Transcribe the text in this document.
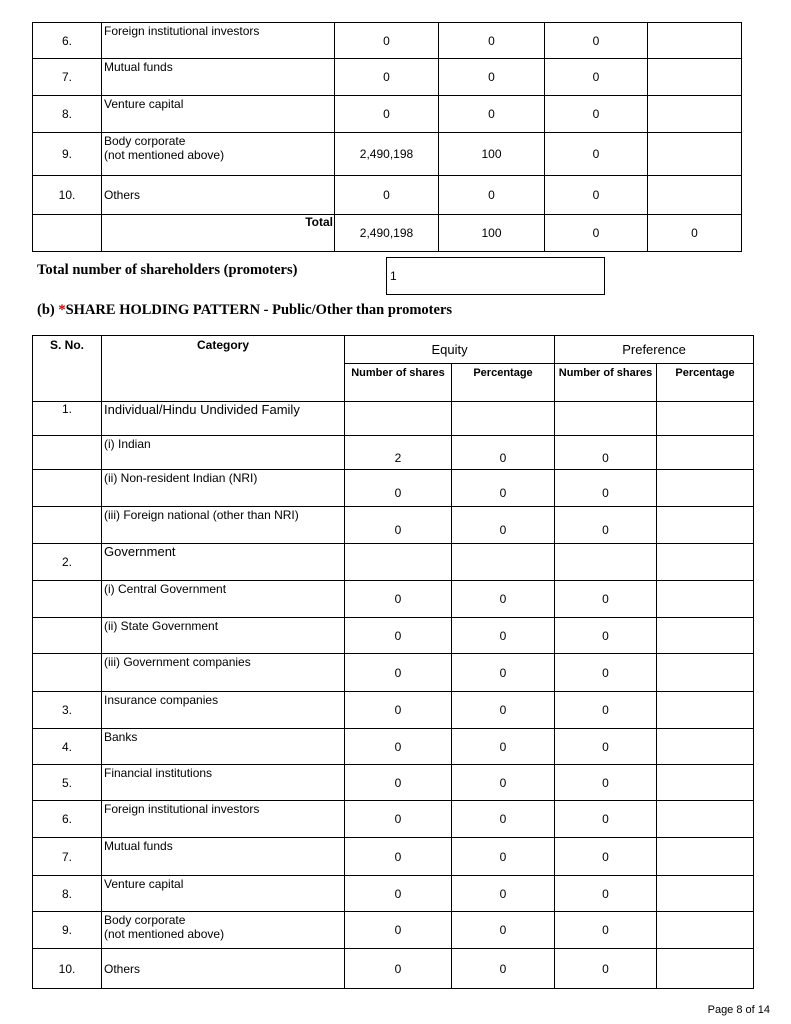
6.	Foreign institutional investors	0	0	0	
7.	Mutual funds	0	0	0	
8.	Venture capital	0	0	0	
9.	Body corporate
(not mentioned above)	2,490,198	100	0	
10.	Others	0	0	0	
	Total	2,490,198	100	0	0
Total number of shareholders (promoters)	1
(b) *SHARE HOLDING PATTERN - Public/Other than promoters
S. No.	Category	Equity		Preference	
		Number of shares	Percentage	Number of shares	Percentage
1.	Individual/Hindu Undivided Family				

	(i) Indian	2	0	0	

	(ii) Non-resident Indian (NRI)	0	0	0	

	(iii) Foreign national (other than NRI)	0	0	0	
2.	Government				

	(i) Central Government	0	0	0	

	(ii) State Government	0	0	0	

	(iii) Government companies	0	0	0	
3.	Insurance companies	0	0	0	
4.	Banks	0	0	0	
5.	Financial institutions	0	0	0	
6.	Foreign institutional investors	0	0	0	
7.	Mutual funds	0	0	0	
8.	Venture capital	0	0	0	
9.	Body corporate
(not mentioned above)	0	0	0	
10.	Others	0	0	0	
Page 8 of 14
